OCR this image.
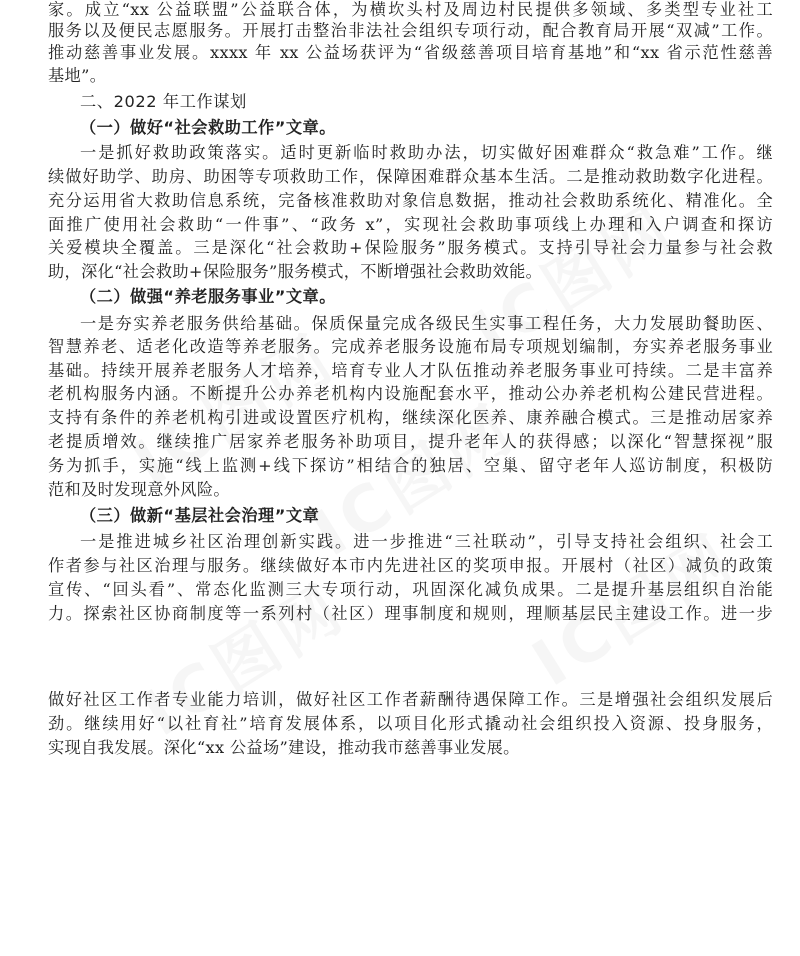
家。成立“xx 公益联盟”公益联合体，为横坎头村及周边村民提供多领域、多类型专业社工
服务以及便民志愿服务。开展打击整治非法社会组织专项行动，配合教育局开展“双减”工作。
推动慈善事业发展。xxxx 年 xx 公益场获评为“省级慈善项目培育基地”和“xx 省示范性慈善
基地”。
二、2022 年工作谋划
（一）做好“社会救助工作”文章。
一是抓好救助政策落实。适时更新临时救助办法，切实做好困难群众“救急难”工作。继
续做好助学、助房、助困等专项救助工作，保障困难群众基本生活。二是推动救助数字化进程。
充分运用省大救助信息系统，完备核准救助对象信息数据，推动社会救助系统化、精准化。全
面推广使用社会救助“一件事”、“政务 x”，实现社会救助事项线上办理和入户调查和探访
关爱模块全覆盖。三是深化“社会救助+保险服务”服务模式。支持引导社会力量参与社会救
助，深化“社会救助+保险服务”服务模式，不断增强社会救助效能。
（二）做强“养老服务事业”文章。
一是夯实养老服务供给基础。保质保量完成各级民生实事工程任务，大力发展助餐助医、
智慧养老、适老化改造等养老服务。完成养老服务设施布局专项规划编制，夯实养老服务事业
基础。持续开展养老服务人才培养，培育专业人才队伍推动养老服务事业可持续。二是丰富养
老机构服务内涵。不断提升公办养老机构内设施配套水平，推动公办养老机构公建民营进程。
支持有条件的养老机构引进或设置医疗机构，继续深化医养、康养融合模式。三是推动居家养
老提质增效。继续推广居家养老服务补助项目，提升老年人的获得感；以深化“智慧探视”服
务为抓手，实施“线上监测+线下探访”相结合的独居、空巢、留守老年人巡访制度，积极防
范和及时发现意外风险。
（三）做新“基层社会治理”文章
一是推进城乡社区治理创新实践。进一步推进“三社联动”，引导支持社会组织、社会工
作者参与社区治理与服务。继续做好本市内先进社区的奖项申报。开展村（社区）减负的政策
宣传、“回头看”、常态化监测三大专项行动，巩固深化减负成果。二是提升基层组织自治能
力。探索社区协商制度等一系列村（社区）理事制度和规则，理顺基层民主建设工作。进一步
做好社区工作者专业能力培训，做好社区工作者薪酬待遇保障工作。三是增强社会组织发展后
劲。继续用好“以社育社”培育发展体系，以项目化形式撬动社会组织投入资源、投身服务，
实现自我发展。深化“xx 公益场”建设，推动我市慈善事业发展。
